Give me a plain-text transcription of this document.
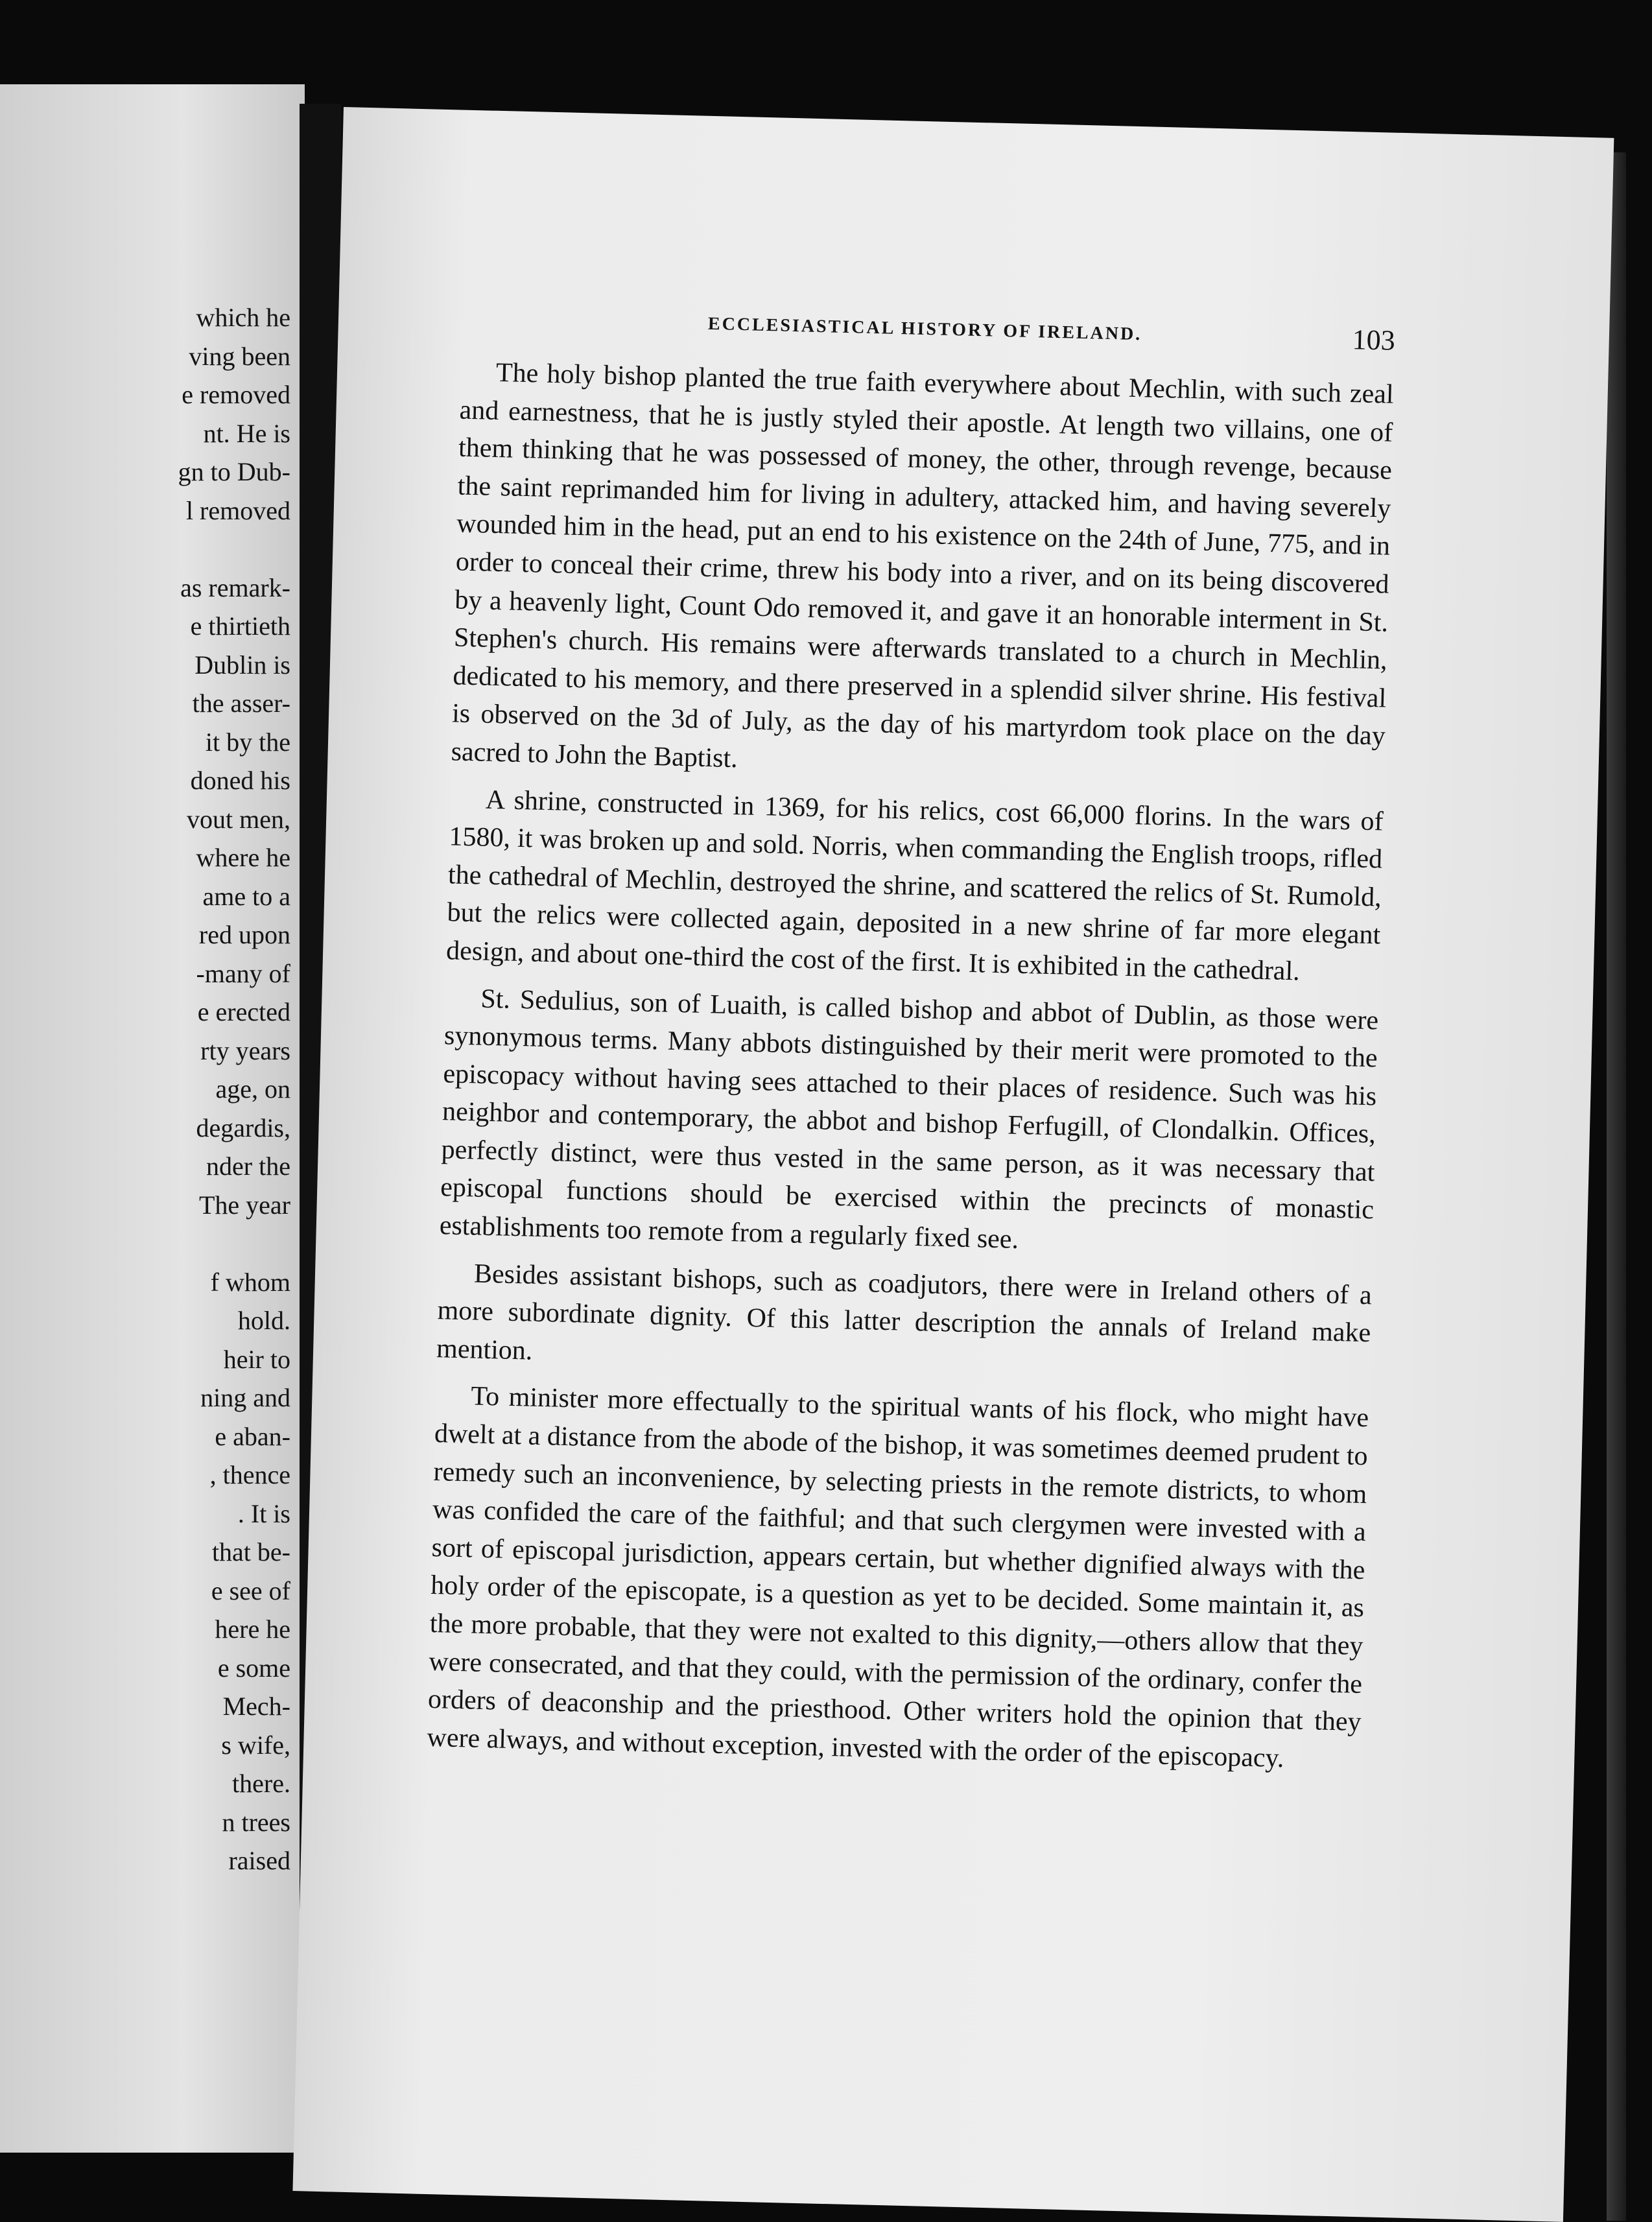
which he
ving been
e removed
nt. He is
gn to Dub-
l removed
as remark-
e thirtieth
Dublin is
the asser-
it by the
doned his
vout men,
where he
ame to a
red upon
-many of
e erected
rty years
age, on
degardis,
nder the
The year
f whom
hold.
heir to
ning and
e aban-
, thence
. It is
that be-
e see of
here he
e some
Mech-
s wife,
there.
n trees
raised
ECCLESIASTICAL HISTORY OF IRELAND.	103

The holy bishop planted the true faith everywhere about Mechlin, with such zeal and earnestness, that he is justly styled their apostle. At length two villains, one of them thinking that he was possessed of money, the other, through revenge, because the saint reprimanded him for living in adultery, attacked him, and having severely wounded him in the head, put an end to his existence on the 24th of June, 775, and in order to conceal their crime, threw his body into a river, and on its being discovered by a heavenly light, Count Odo removed it, and gave it an honorable interment in St. Stephen's church. His remains were afterwards translated to a church in Mechlin, dedicated to his memory, and there preserved in a splendid silver shrine. His festival is observed on the 3d of July, as the day of his martyrdom took place on the day sacred to John the Baptist.

A shrine, constructed in 1369, for his relics, cost 66,000 florins. In the wars of 1580, it was broken up and sold. Norris, when commanding the English troops, rifled the cathedral of Mechlin, destroyed the shrine, and scattered the relics of St. Rumold, but the relics were collected again, deposited in a new shrine of far more elegant design, and about one-third the cost of the first. It is exhibited in the cathedral.

St. Sedulius, son of Luaith, is called bishop and abbot of Dublin, as those were synonymous terms. Many abbots distinguished by their merit were promoted to the episcopacy without having sees attached to their places of residence. Such was his neighbor and contemporary, the abbot and bishop Ferfugill, of Clondalkin. Offices, perfectly distinct, were thus vested in the same person, as it was necessary that episcopal functions should be exercised within the precincts of monastic establishments too remote from a regularly fixed see.

Besides assistant bishops, such as coadjutors, there were in Ireland others of a more subordinate dignity. Of this latter description the annals of Ireland make mention.

To minister more effectually to the spiritual wants of his flock, who might have dwelt at a distance from the abode of the bishop, it was sometimes deemed prudent to remedy such an inconvenience, by selecting priests in the remote districts, to whom was confided the care of the faithful; and that such clergymen were invested with a sort of episcopal jurisdiction, appears certain, but whether dignified always with the holy order of the episcopate, is a question as yet to be decided. Some maintain it, as the more probable, that they were not exalted to this dignity,—others allow that they were consecrated, and that they could, with the permission of the ordinary, confer the orders of deaconship and the priesthood. Other writers hold the opinion that they were always, and without exception, invested with the order of the episcopacy.
